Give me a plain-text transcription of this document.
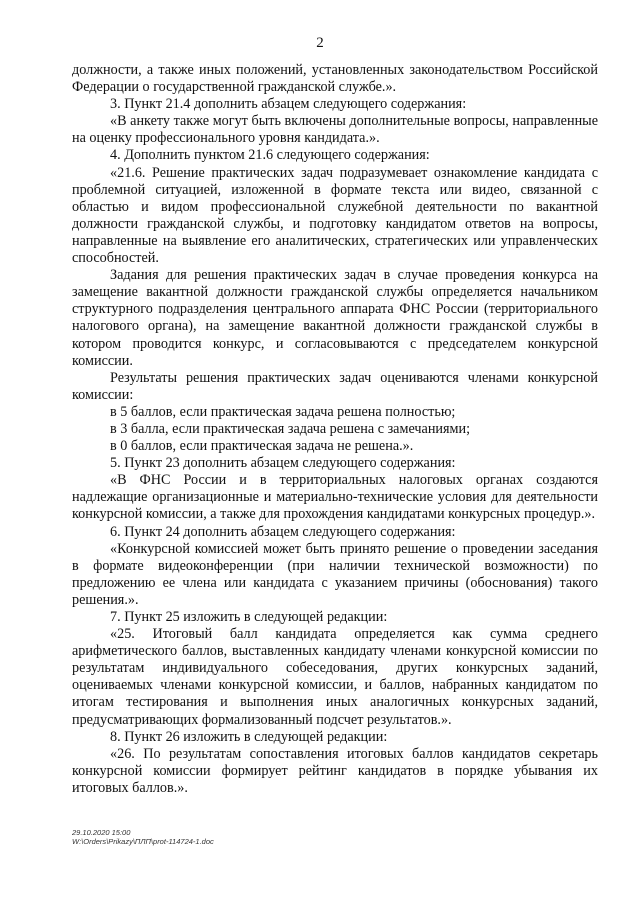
2

должности, а также иных положений, установленных законодательством Российской Федерации о государственной гражданской службе.».

3. Пункт 21.4 дополнить абзацем следующего содержания:

«В анкету также могут быть включены дополнительные вопросы, направленные на оценку профессионального уровня кандидата.».

4. Дополнить пунктом 21.6 следующего содержания:

«21.6. Решение практических задач подразумевает ознакомление кандидата с проблемной ситуацией, изложенной в формате текста или видео, связанной с областью и видом профессиональной служебной деятельности по вакантной должности гражданской службы, и подготовку кандидатом ответов на вопросы, направленные на выявление его аналитических, стратегических или управленческих способностей.

Задания для решения практических задач в случае проведения конкурса на замещение вакантной должности гражданской службы определяется начальником структурного подразделения центрального аппарата ФНС России (территориального налогового органа), на замещение вакантной должности гражданской службы в котором проводится конкурс, и согласовываются с председателем конкурсной комиссии.

Результаты решения практических задач оцениваются членами конкурсной комиссии:

в 5 баллов, если практическая задача решена полностью;

в 3 балла, если практическая задача решена с замечаниями;

в 0 баллов, если практическая задача не решена.».

5. Пункт 23 дополнить абзацем следующего содержания:

«В ФНС России и в территориальных налоговых органах создаются надлежащие организационные и материально-технические условия для деятельности конкурсной комиссии, а также для прохождения кандидатами конкурсных процедур.».

6. Пункт 24 дополнить абзацем следующего содержания:

«Конкурсной комиссией может быть принято решение о проведении заседания в формате видеоконференции (при наличии технической возможности) по предложению ее члена или кандидата с указанием причины (обоснования) такого решения.».

7. Пункт 25 изложить в следующей редакции:

«25. Итоговый балл кандидата определяется как сумма среднего арифметического баллов, выставленных кандидату членами конкурсной комиссии по результатам индивидуального собеседования, других конкурсных заданий, оцениваемых членами конкурсной комиссии, и баллов, набранных кандидатом по итогам тестирования и выполнения иных аналогичных конкурсных заданий, предусматривающих формализованный подсчет результатов.».

8. Пункт 26 изложить в следующей редакции:

«26. По результатам сопоставления итоговых баллов кандидатов секретарь конкурсной комиссии формирует рейтинг кандидатов в порядке убывания их итоговых баллов.».

29.10.2020 15:00
W:\Orders\Prikazy\ПЛП\prot-114724-1.doc
